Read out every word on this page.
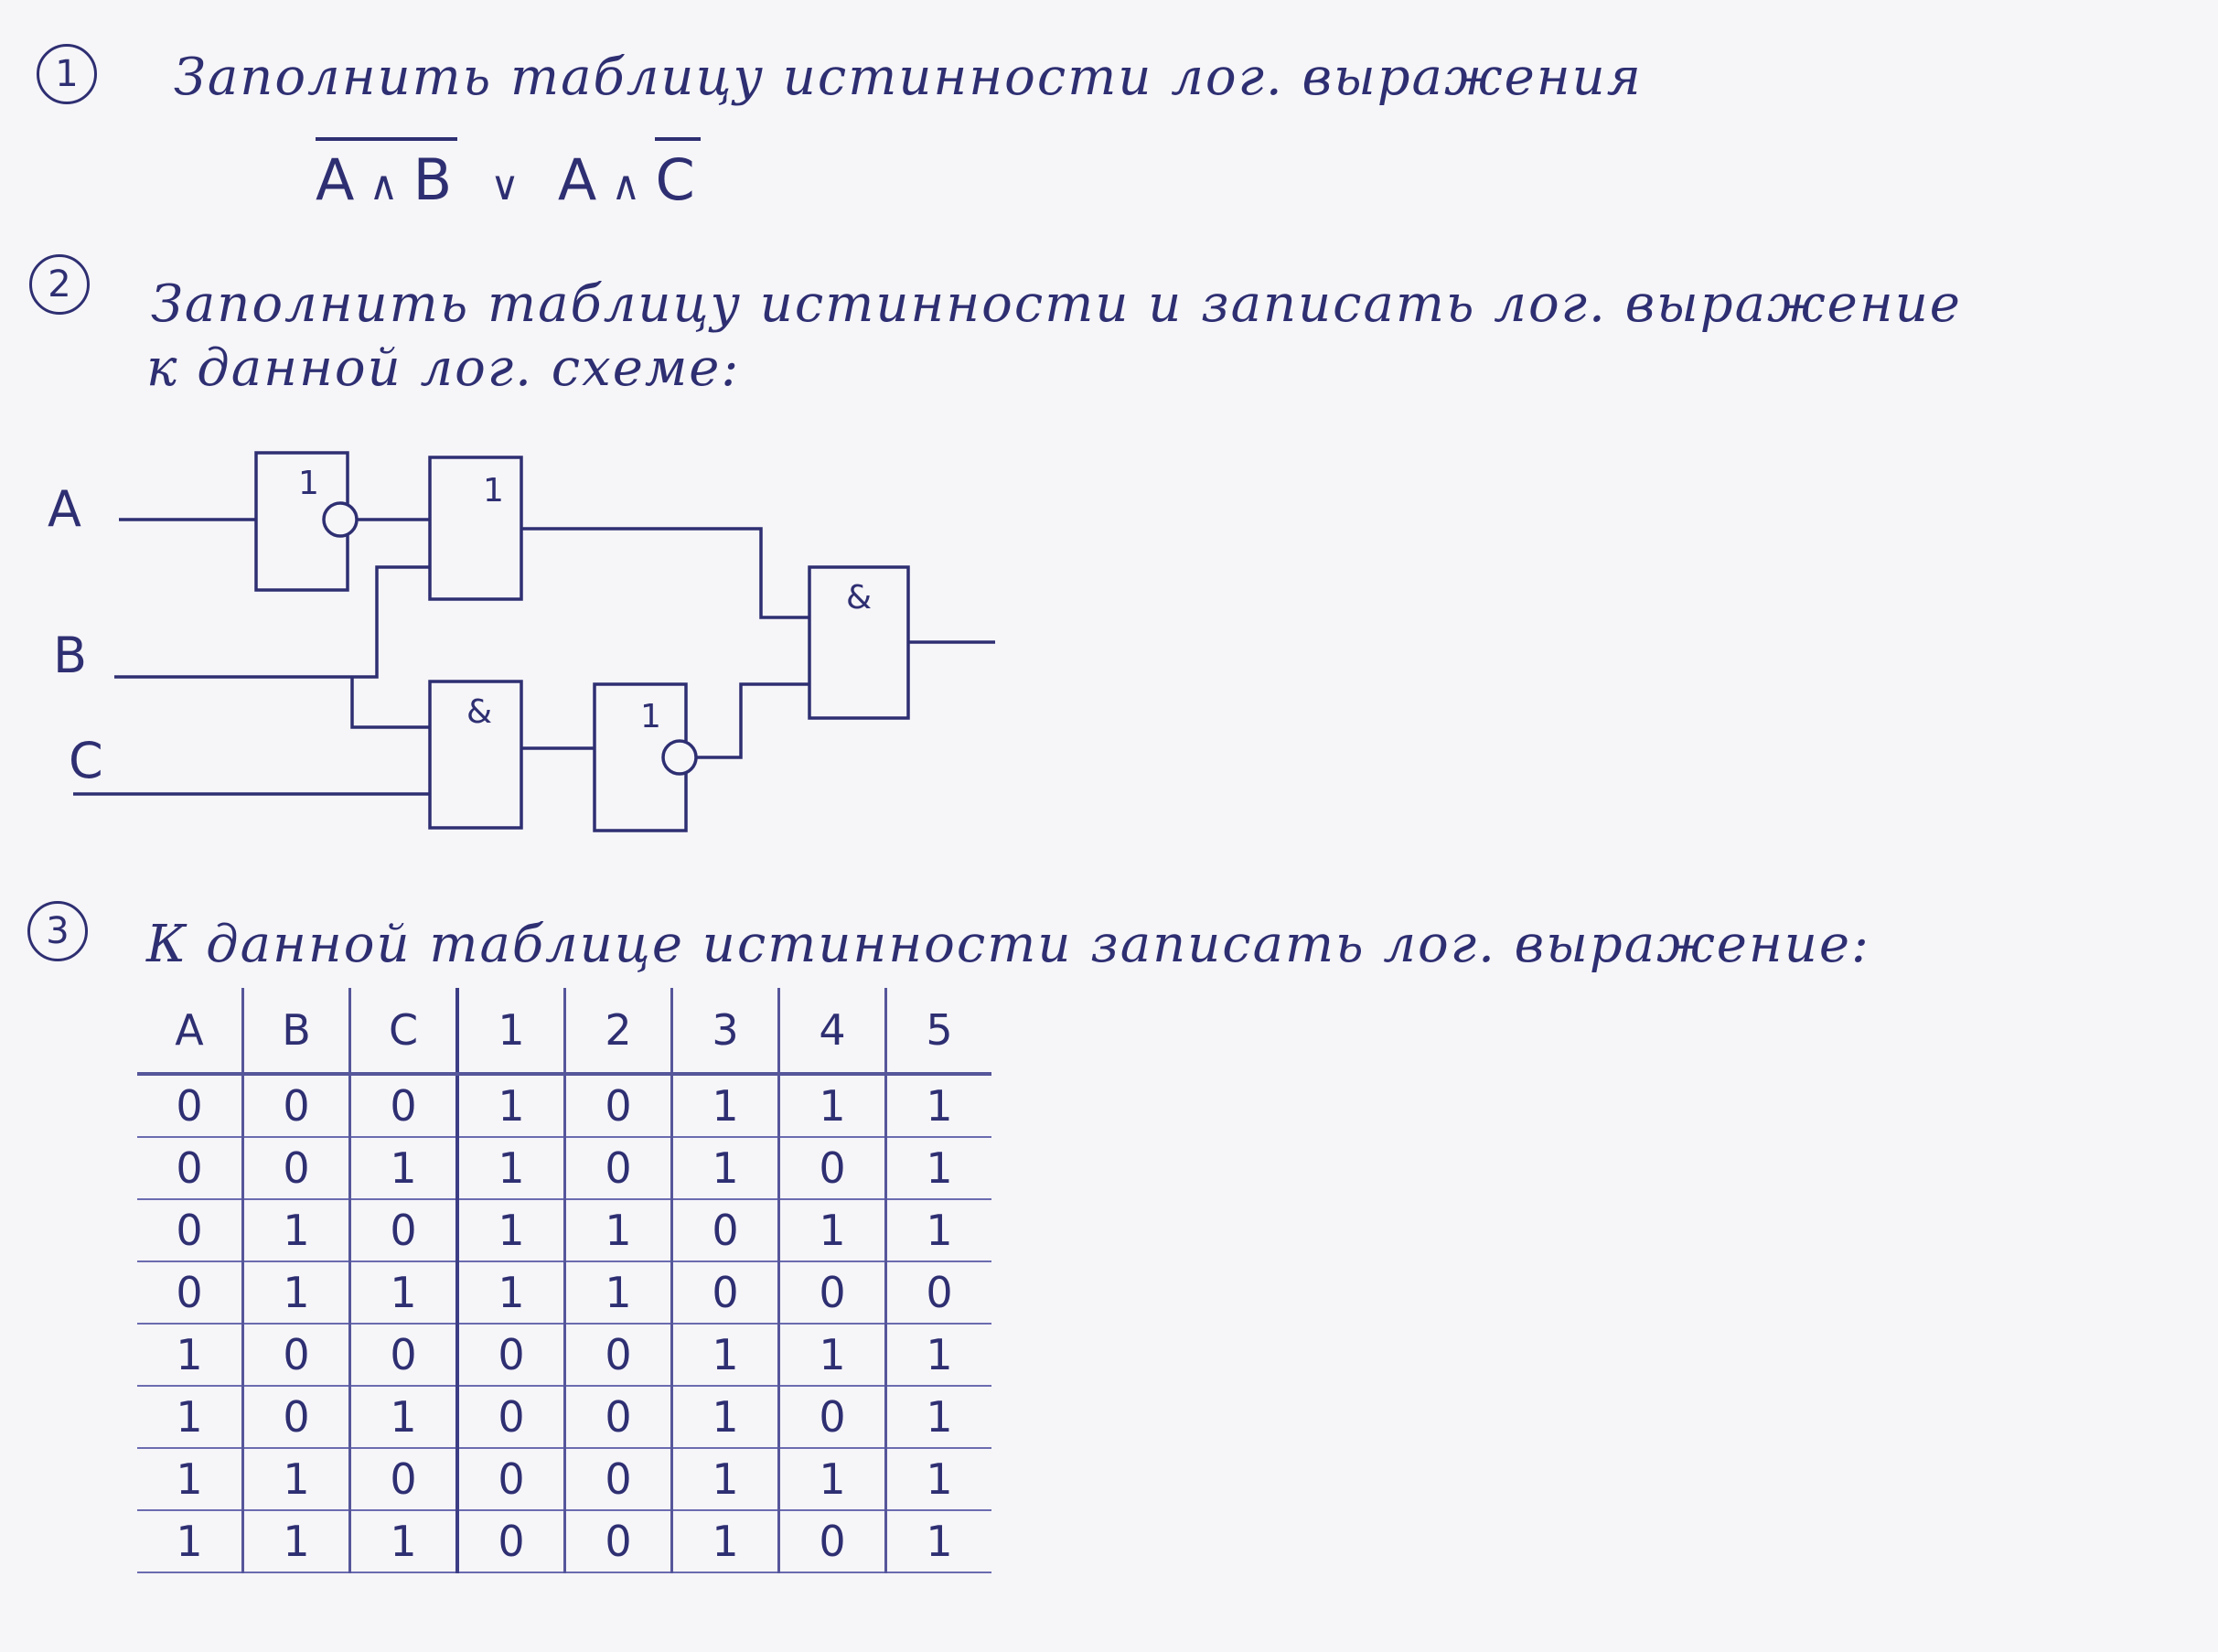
1 Заполнить таблицу истинности лог. выражения
A ∧ B ∨ A ∧ C
2 Заполнить таблицу истинности и записать лог. выражение
к данной лог. схеме:
A
B
C
1	1
&	1
&
3 К данной таблице истинности записать лог. выражение:
A	B	C	1	2	3	4	5
0	0	0	1	0	1	1	1
0	0	1	1	0	1	0	1
0	1	0	1	1	0	1	1
0	1	1	1	1	0	0	0
1	0	0	0	0	1	1	1
1	0	1	0	0	1	0	1
1	1	0	0	0	1	1	1
1	1	1	0	0	1	0	1
